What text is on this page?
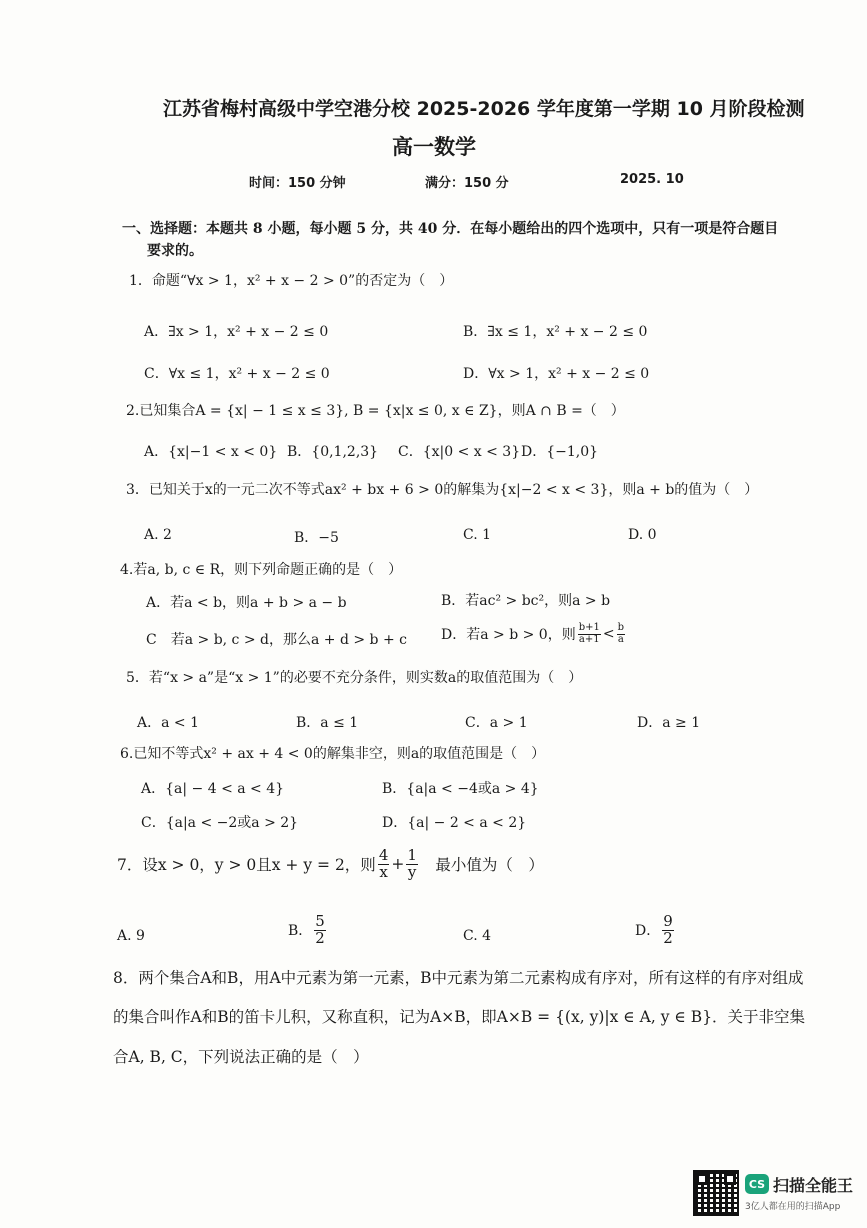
江苏省梅村高级中学空港分校 2025-2026 学年度第一学期 10 月阶段检测
高一数学
时间：150 分钟	满分：150 分	2025. 10
一、选择题：本题共 8 小题，每小题 5 分，共 40 分．在每小题给出的四个选项中，只有一项是符合题目
要求的。
1．命题“∀x > 1，x² + x − 2 > 0”的否定为（　）
A．∃x > 1，x² + x − 2 ≤ 0	B．∃x ≤ 1，x² + x − 2 ≤ 0
C．∀x ≤ 1，x² + x − 2 ≤ 0	D．∀x > 1，x² + x − 2 ≤ 0
2.已知集合A = {x| − 1 ≤ x ≤ 3}, B = {x|x ≤ 0, x ∈ Z}，则A ∩ B =（　）
A．{x|−1 < x < 0} B．{0,1,2,3} C．{x|0 < x < 3} D．{−1,0}
3．已知关于x的一元二次不等式ax² + bx + 6 > 0的解集为{x|−2 < x < 3}，则a + b的值为（　）
A. 2	B．−5	C. 1	D. 0
4.若a, b, c ∈ R，则下列命题正确的是（　）
A．若a < b，则a + b > a − b	B．若ac² > bc²，则a > b
C　若a > b, c > d，那么a + d > b + c D．若a > b > 0，则 $\frac{b+1}{a+1} < \frac{b}{a}$
5．若“x > a”是“x > 1”的必要不充分条件，则实数a的取值范围为（　）
A．a < 1	B．a ≤ 1	C．a > 1	D．a ≥ 1
6.已知不等式x² + ax + 4 < 0的解集非空，则a的取值范围是（　）
A．{a| − 4 < a < 4}	B．{a|a < −4或a > 4}
C．{a|a < −2或a > 2}	D．{a| − 2 < a < 2}
7．设x > 0，y > 0且x + y = 2，则 $\frac{4}{x} + \frac{1}{y}$ 　最小值为（　）
A. 9	B． $\frac{5}{2}$	C. 4	D． $\frac{9}{2}$
8．两个集合A和B，用A中元素为第一元素，B中元素为第二元素构成有序对，所有这样的有序对组成
的集合叫作A和B的笛卡儿积，又称直积，记为A×B，即A×B = {(x, y)|x ∈ A, y ∈ B}．关于非空集
合A, B, C，下列说法正确的是（　）
CS 扫描全能王
3亿人都在用的扫描App
